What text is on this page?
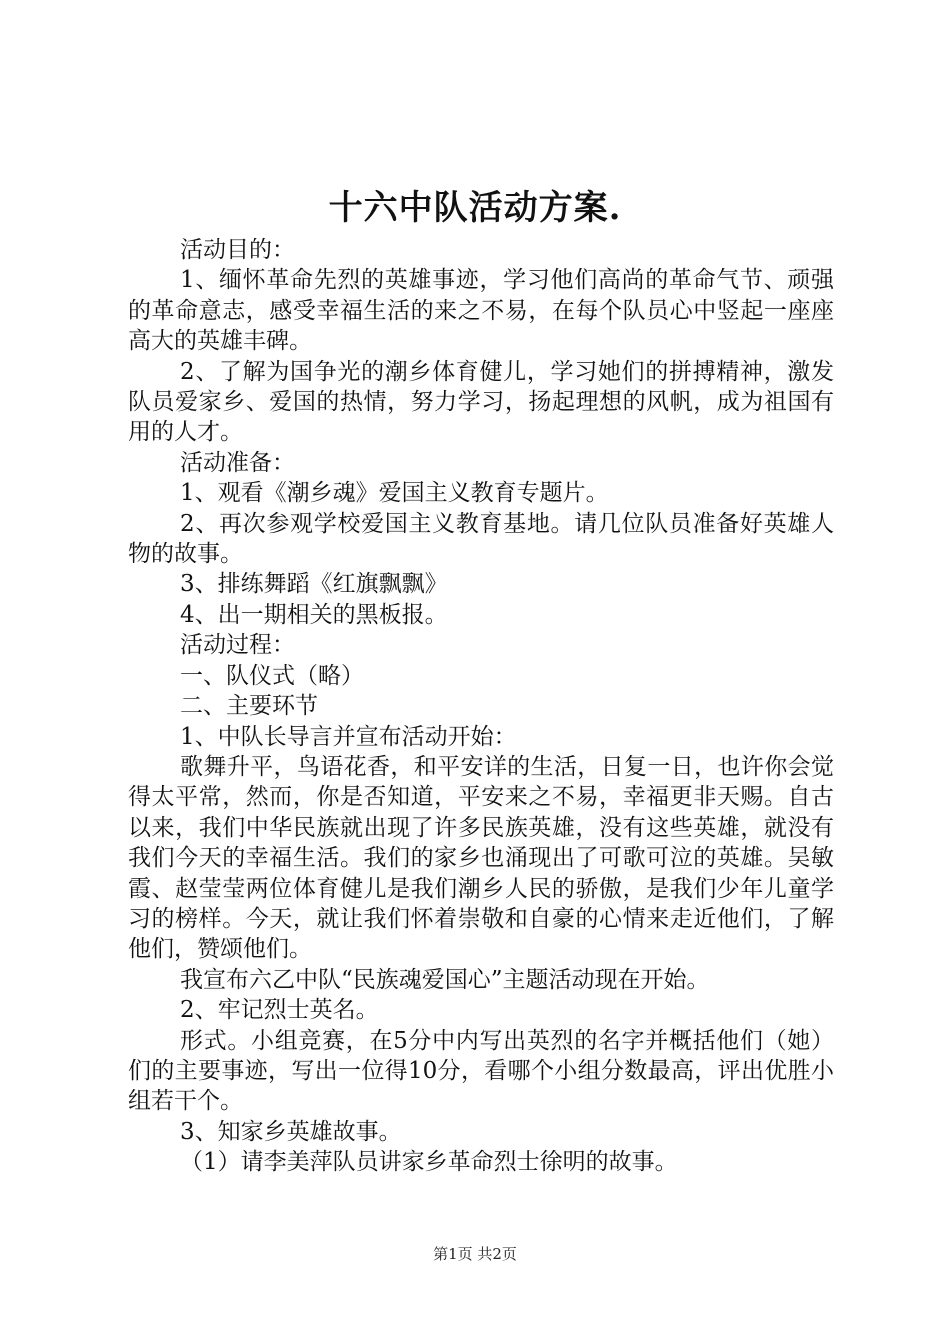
十六中队活动方案.

活动目的：

1、缅怀革命先烈的英雄事迹，学习他们高尚的革命气节、顽强的革命意志，感受幸福生活的来之不易，在每个队员心中竖起一座座高大的英雄丰碑。

2、了解为国争光的潮乡体育健儿，学习她们的拼搏精神，激发队员爱家乡、爱国的热情，努力学习，扬起理想的风帆，成为祖国有用的人才。

活动准备：

1、观看《潮乡魂》爱国主义教育专题片。

2、再次参观学校爱国主义教育基地。请几位队员准备好英雄人物的故事。

3、排练舞蹈《红旗飘飘》

4、出一期相关的黑板报。

活动过程：

一、队仪式（略）

二、主要环节

1、中队长导言并宣布活动开始：

歌舞升平，鸟语花香，和平安详的生活，日复一日，也许你会觉得太平常，然而，你是否知道，平安来之不易，幸福更非天赐。自古以来，我们中华民族就出现了许多民族英雄，没有这些英雄，就没有我们今天的幸福生活。我们的家乡也涌现出了可歌可泣的英雄。吴敏霞、赵莹莹两位体育健儿是我们潮乡人民的骄傲，是我们少年儿童学习的榜样。今天，就让我们怀着崇敬和自豪的心情来走近他们，了解他们，赞颂他们。

我宣布六乙中队“民族魂爱国心”主题活动现在开始。

2、牢记烈士英名。

形式。小组竞赛，在5分中内写出英烈的名字并概括他们（她）们的主要事迹，写出一位得10分，看哪个小组分数最高，评出优胜小组若干个。

3、知家乡英雄故事。

（1）请李美萍队员讲家乡革命烈士徐明的故事。

第1页 共2页
